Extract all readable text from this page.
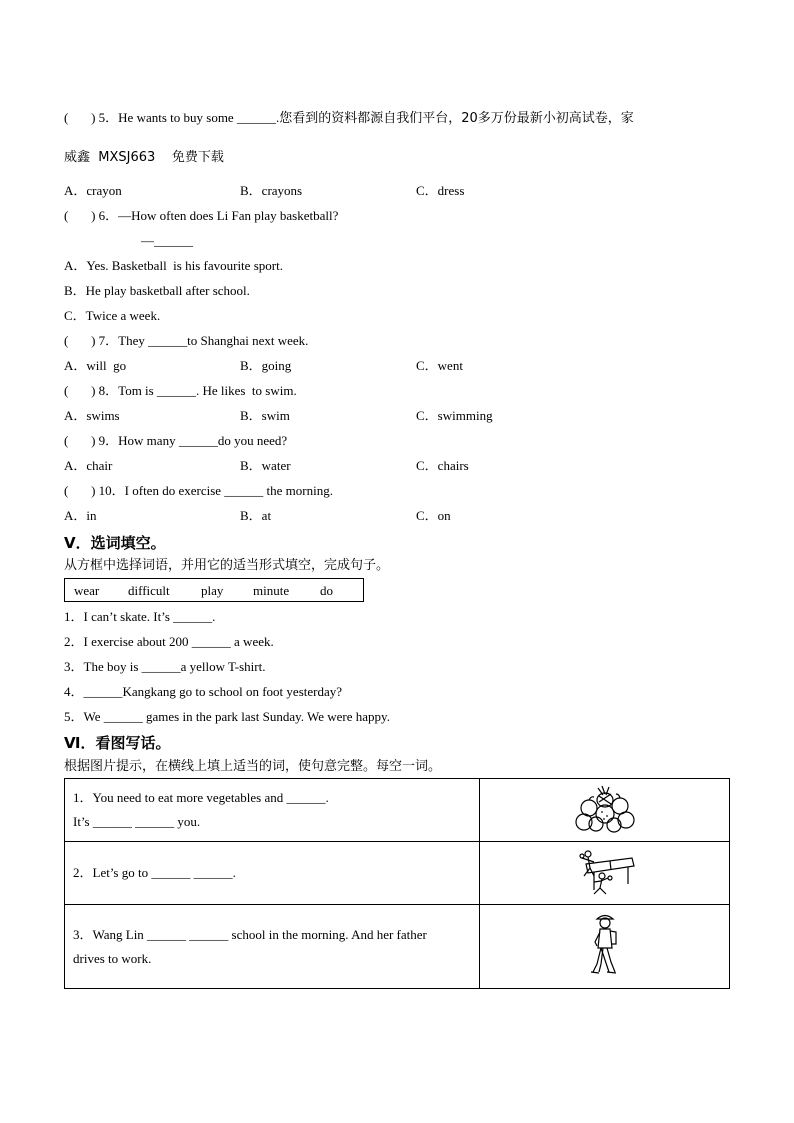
(       ) 5．He wants to buy some ______.您看到的资料都源自我们平台，20多万份最新小初高试卷，家
威鑫  MXSJ663    免费下载
A．crayon	B．crayons	C．dress
(       ) 6．—How often does Li Fan play basketball?
—______
A．Yes. Basketball  is his favourite sport.
B．He play basketball after school.
C．Twice a week.
(       ) 7．They ______to Shanghai next week.
A．will  go	B．going	C．went
(       ) 8．Tom is ______. He likes  to swim.
A．swims	B．swim	C．swimming
(       ) 9．How many ______do you need?
A．chair	B．water	C．chairs
(       ) 10．I often do exercise ______ the morning.
A．in	B．at	C．on
Ⅴ．选词填空。
从方框中选择词语，并用它的适当形式填空，完成句子。
wear difficult play minute do
1．I can’t skate. It’s ______.
2．I exercise about 200 ______ a week.
3．The boy is ______a yellow T-shirt.
4．______Kangkang go to school on foot yesterday?
5．We ______ games in the park last Sunday. We were happy.
Ⅵ．看图写话。
根据图片提示，在横线上填上适当的词，使句意完整。每空一词。
1．You need to eat more vegetables and ______.
It’s ______ ______ you.

2．Let’s go to ______ ______.

3．Wang Lin ______ ______ school in the morning. And her father
drives to work.
